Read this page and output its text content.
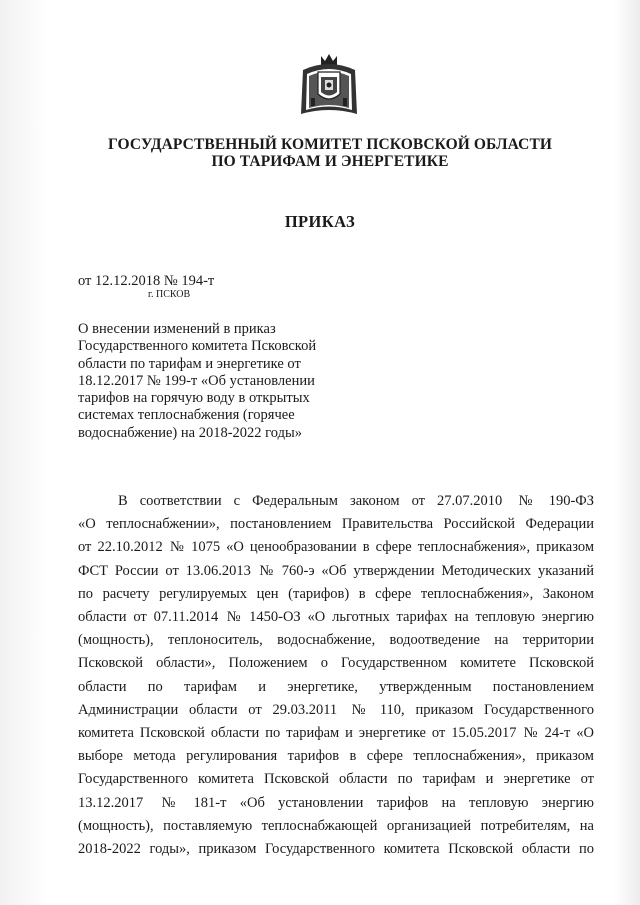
ГОСУДАРСТВЕННЫЙ КОМИТЕТ ПСКОВСКОЙ ОБЛАСТИ
ПО ТАРИФАМ И ЭНЕРГЕТИКЕ
ПРИКАЗ
от 12.12.2018 № 194-т
г. ПСКОВ
О внесении изменений в приказ
Государственного комитета Псковской
области по тарифам и энергетике от
18.12.2017 № 199-т «Об установлении
тарифов на горячую воду в открытых
системах теплоснабжения (горячее
водоснабжение) на 2018-2022 годы»
В соответствии с Федеральным законом от 27.07.2010 № 190-ФЗ
«О теплоснабжении», постановлением Правительства Российской Федерации
от 22.10.2012 № 1075 «О ценообразовании в сфере теплоснабжения», приказом
ФСТ России от 13.06.2013 № 760-э «Об утверждении Методических указаний
по расчету регулируемых цен (тарифов) в сфере теплоснабжения», Законом
области от 07.11.2014 № 1450-ОЗ «О льготных тарифах на тепловую энергию
(мощность), теплоноситель, водоснабжение, водоотведение на территории
Псковской области», Положением о Государственном комитете Псковской
области по тарифам и энергетике, утвержденным постановлением
Администрации области от 29.03.2011 № 110, приказом Государственного
комитета Псковской области по тарифам и энергетике от 15.05.2017 № 24-т «О
выборе метода регулирования тарифов в сфере теплоснабжения», приказом
Государственного комитета Псковской области по тарифам и энергетике от
13.12.2017 № 181-т «Об установлении тарифов на тепловую энергию
(мощность), поставляемую теплоснабжающей организацией потребителям, на
2018-2022 годы», приказом Государственного комитета Псковской области по
